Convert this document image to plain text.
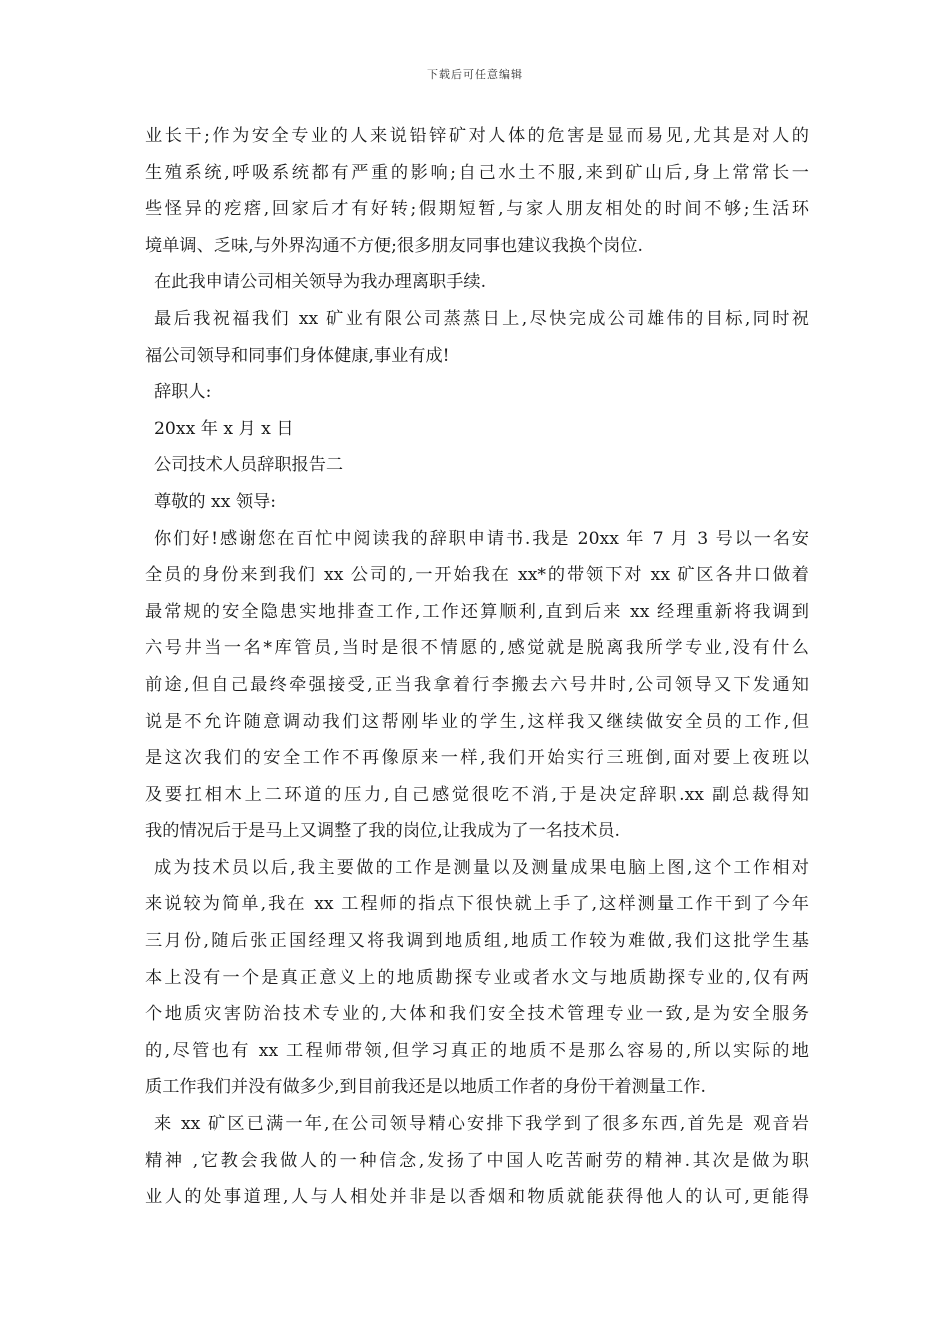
下载后可任意编辑
业长干;作为安全专业的人来说铅锌矿对人体的危害是显而易见,尤其是对人的
生殖系统,呼吸系统都有严重的影响;自己水土不服,来到矿山后,身上常常长一
些怪异的疙瘩,回家后才有好转;假期短暂,与家人朋友相处的时间不够;生活环
境单调、乏味,与外界沟通不方便;很多朋友同事也建议我换个岗位.
在此我申请公司相关领导为我办理离职手续.
最后我祝福我们 xx 矿业有限公司蒸蒸日上,尽快完成公司雄伟的目标,同时祝
福公司领导和同事们身体健康,事业有成!
辞职人:
20xx 年 x 月 x 日
公司技术人员辞职报告二
尊敬的 xx 领导:
你们好!感谢您在百忙中阅读我的辞职申请书.我是 20xx 年 7 月 3 号以一名安
全员的身份来到我们 xx 公司的,一开始我在 xx*的带领下对 xx 矿区各井口做着
最常规的安全隐患实地排查工作,工作还算顺利,直到后来 xx 经理重新将我调到
六号井当一名*库管员,当时是很不情愿的,感觉就是脱离我所学专业,没有什么
前途,但自己最终牵强接受,正当我拿着行李搬去六号井时,公司领导又下发通知
说是不允许随意调动我们这帮刚毕业的学生,这样我又继续做安全员的工作,但
是这次我们的安全工作不再像原来一样,我们开始实行三班倒,面对要上夜班以
及要扛相木上二环道的压力,自己感觉很吃不消,于是决定辞职.xx 副总裁得知
我的情况后于是马上又调整了我的岗位,让我成为了一名技术员.
成为技术员以后,我主要做的工作是测量以及测量成果电脑上图,这个工作相对
来说较为简单,我在 xx 工程师的指点下很快就上手了,这样测量工作干到了今年
三月份,随后张正国经理又将我调到地质组,地质工作较为难做,我们这批学生基
本上没有一个是真正意义上的地质勘探专业或者水文与地质勘探专业的,仅有两
个地质灾害防治技术专业的,大体和我们安全技术管理专业一致,是为安全服务
的,尽管也有 xx 工程师带领,但学习真正的地质不是那么容易的,所以实际的地
质工作我们并没有做多少,到目前我还是以地质工作者的身份干着测量工作.
来 xx 矿区已满一年,在公司领导精心安排下我学到了很多东西,首先是 观音岩
精神 ,它教会我做人的一种信念,发扬了中国人吃苦耐劳的精神.其次是做为职
业人的处事道理,人与人相处并非是以香烟和物质就能获得他人的认可,更能得
